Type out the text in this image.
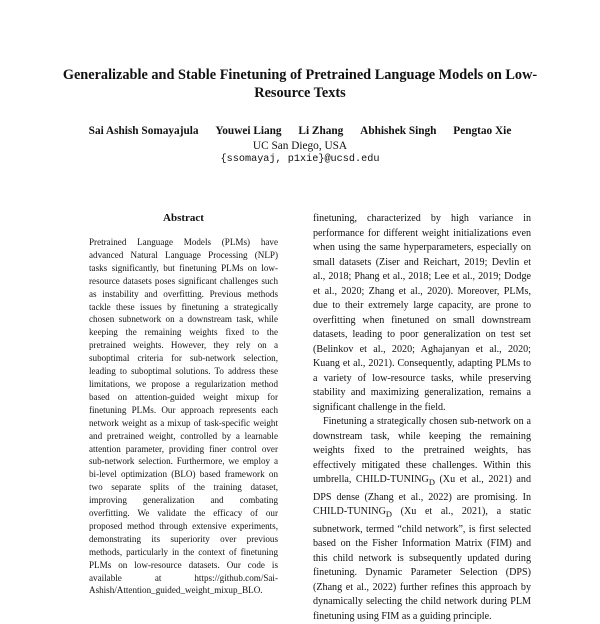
Generalizable and Stable Finetuning of Pretrained Language Models on Low-Resource Texts
Sai Ashish Somayajula Youwei Liang Li Zhang Abhishek Singh Pengtao Xie
UC San Diego, USA
{ssomayaj, p1xie}@ucsd.edu
Abstract
Pretrained Language Models (PLMs) have advanced Natural Language Processing (NLP) tasks significantly, but finetuning PLMs on low-resource datasets poses significant challenges such as instability and overfitting. Previous methods tackle these issues by finetuning a strategically chosen subnetwork on a downstream task, while keeping the remaining weights fixed to the pretrained weights. However, they rely on a suboptimal criteria for sub-network selection, leading to suboptimal solutions. To address these limitations, we propose a regularization method based on attention-guided weight mixup for finetuning PLMs. Our approach represents each network weight as a mixup of task-specific weight and pretrained weight, controlled by a learnable attention parameter, providing finer control over sub-network selection. Furthermore, we employ a bi-level optimization (BLO) based framework on two separate splits of the training dataset, improving generalization and combating overfitting. We validate the efficacy of our proposed method through extensive experiments, demonstrating its superiority over previous methods, particularly in the context of finetuning PLMs on low-resource datasets. Our code is available at https://github.com/Sai-Ashish/Attention_guided_weight_mixup_BLO.

finetuning, characterized by high variance in performance for different weight initializations even when using the same hyperparameters, especially on small datasets (Ziser and Reichart, 2019; Devlin et al., 2018; Phang et al., 2018; Lee et al., 2019; Dodge et al., 2020; Zhang et al., 2020). Moreover, PLMs, due to their extremely large capacity, are prone to overfitting when finetuned on small downstream datasets, leading to poor generalization on test set (Belinkov et al., 2020; Aghajanyan et al., 2020; Kuang et al., 2021). Consequently, adapting PLMs to a variety of low-resource tasks, while preserving stability and maximizing generalization, remains a significant challenge in the field.

Finetuning a strategically chosen sub-network on a downstream task, while keeping the remaining weights fixed to the pretrained weights, has effectively mitigated these challenges. Within this umbrella, CHILD-$TUNING_D$ (Xu et al., 2021) and DPS dense (Zhang et al., 2022) are promising. In CHILD-$TUNING_D$ (Xu et al., 2021), a static subnetwork, termed “child network”, is first selected based on the Fisher Information Matrix (FIM) and this child network is subsequently updated during finetuning. Dynamic Parameter Selection (DPS) (Zhang et al., 2022) further refines this approach by dynamically selecting the child network during PLM finetuning using FIM as a guiding principle.
